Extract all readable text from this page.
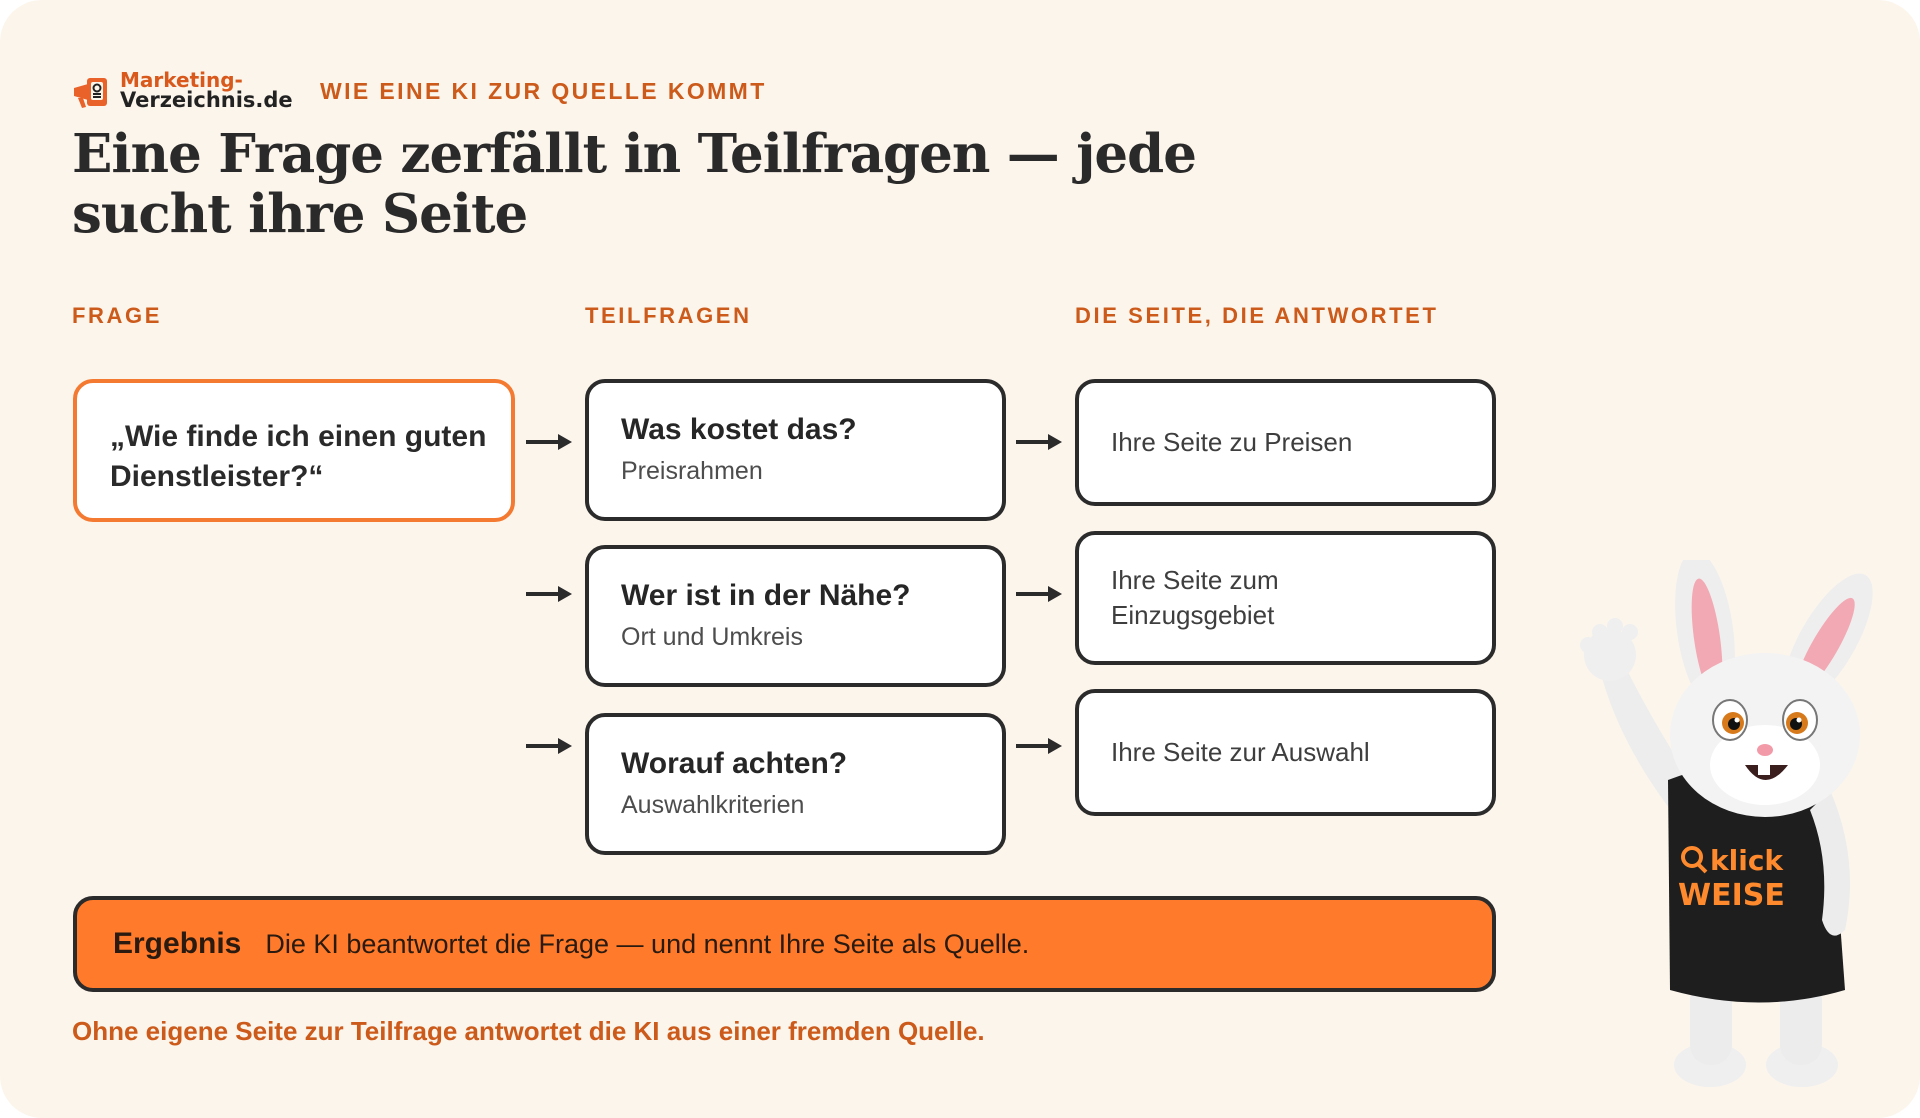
Marketing-
Verzeichnis.de WIE EINE KI ZUR QUELLE KOMMT
Eine Frage zerfällt in Teilfragen — jede sucht ihre Seite
FRAGE	TEILFRAGEN	DIE SEITE, DIE ANTWORTET
„Wie finde ich einen guten Dienstleister?“
Was kostet das?
Preisrahmen
Wer ist in der Nähe?
Ort und Umkreis
Worauf achten?
Auswahlkriterien
Ihre Seite zu Preisen
Ihre Seite zum Einzugsgebiet
Ihre Seite zur Auswahl
Ergebnis Die KI beantwortet die Frage — und nennt Ihre Seite als Quelle.
Ohne eigene Seite zur Teilfrage antwortet die KI aus einer fremden Quelle.
klick
WEISE
